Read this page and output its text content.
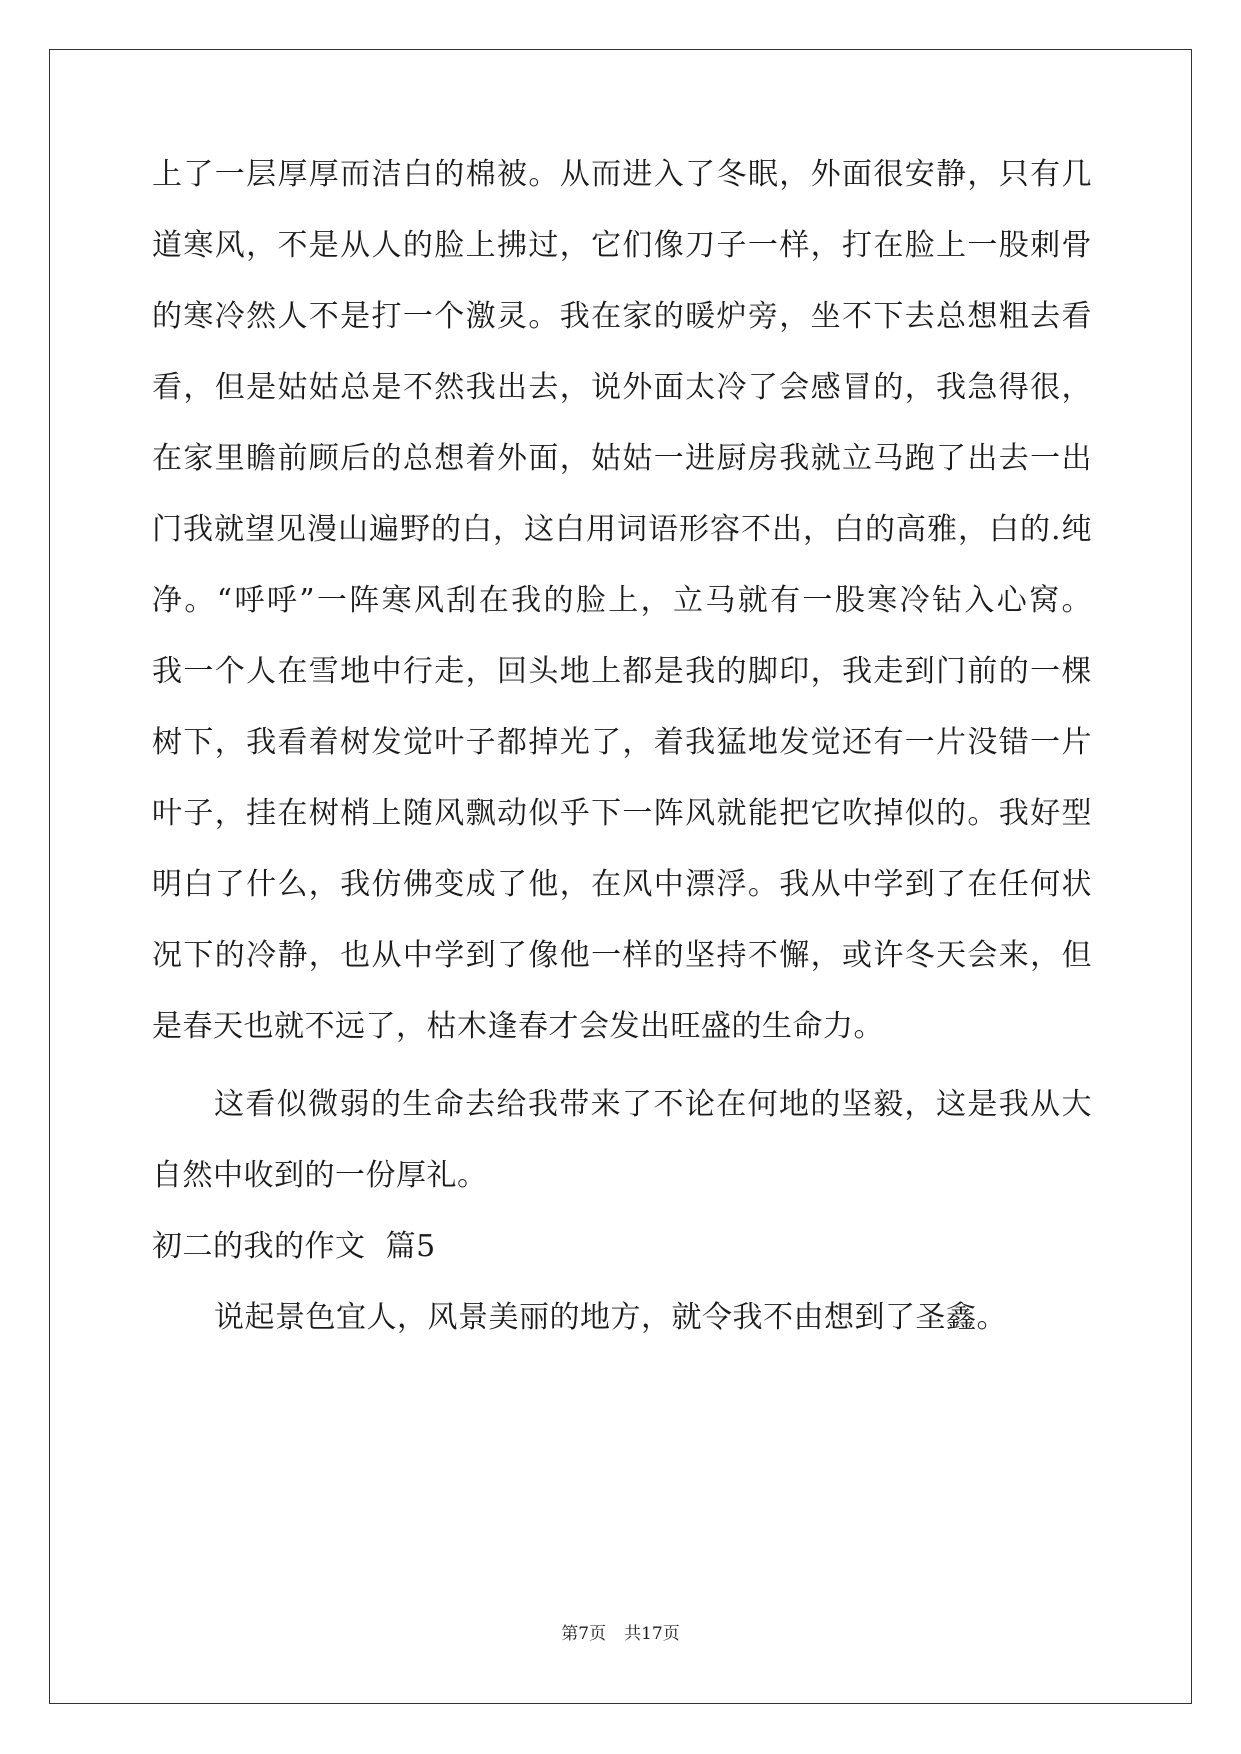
上了一层厚厚而洁白的棉被。从而进入了冬眠，外面很安静，只有几
道寒风，不是从人的脸上拂过，它们像刀子一样，打在脸上一股刺骨
的寒冷然人不是打一个激灵。我在家的暖炉旁，坐不下去总想粗去看
看，但是姑姑总是不然我出去，说外面太冷了会感冒的，我急得很，
在家里瞻前顾后的总想着外面，姑姑一进厨房我就立马跑了出去一出
门我就望见漫山遍野的白，这白用词语形容不出，白的高雅，白的.纯
净。“呼呼”一阵寒风刮在我的脸上，立马就有一股寒冷钻入心窝。
我一个人在雪地中行走，回头地上都是我的脚印，我走到门前的一棵
树下，我看着树发觉叶子都掉光了，着我猛地发觉还有一片没错一片
叶子，挂在树梢上随风飘动似乎下一阵风就能把它吹掉似的。我好型
明白了什么，我仿佛变成了他，在风中漂浮。我从中学到了在任何状
况下的冷静，也从中学到了像他一样的坚持不懈，或许冬天会来，但
是春天也就不远了，枯木逢春才会发出旺盛的生命力。
这看似微弱的生命去给我带来了不论在何地的坚毅，这是我从大
自然中收到的一份厚礼。
初二的我的作文  篇5
说起景色宜人，风景美丽的地方，就令我不由想到了圣鑫。
第7页 共17页
